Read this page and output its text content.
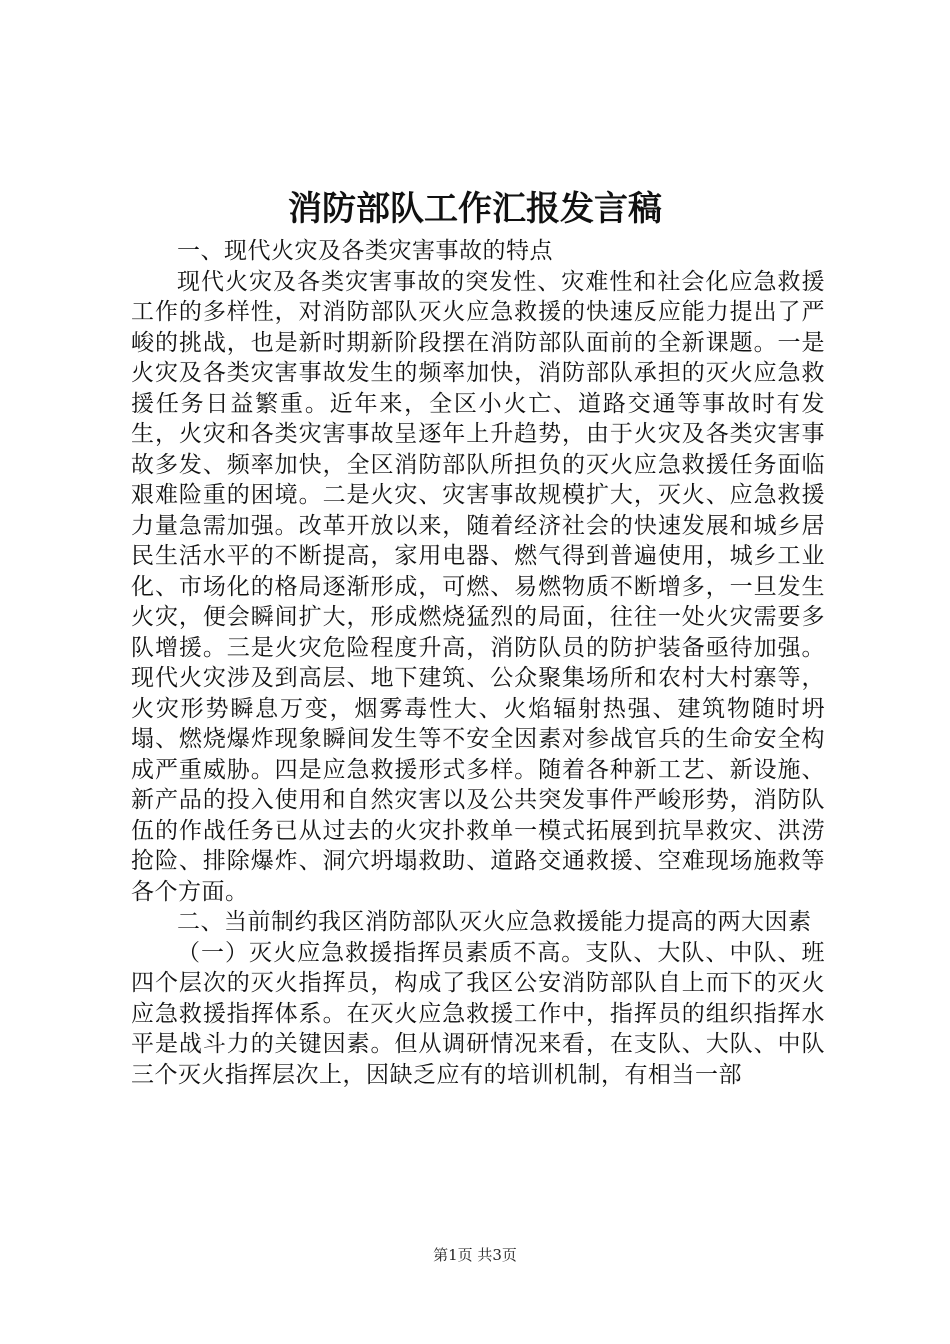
消防部队工作汇报发言稿

一、现代火灾及各类灾害事故的特点

现代火灾及各类灾害事故的突发性、灾难性和社会化应急救援工作的多样性，对消防部队灭火应急救援的快速反应能力提出了严峻的挑战，也是新时期新阶段摆在消防部队面前的全新课题。一是火灾及各类灾害事故发生的频率加快，消防部队承担的灭火应急救援任务日益繁重。近年来，全区小火亡、道路交通等事故时有发生，火灾和各类灾害事故呈逐年上升趋势，由于火灾及各类灾害事故多发、频率加快，全区消防部队所担负的灭火应急救援任务面临艰难险重的困境。二是火灾、灾害事故规模扩大，灭火、应急救援力量急需加强。改革开放以来，随着经济社会的快速发展和城乡居民生活水平的不断提高，家用电器、燃气得到普遍使用，城乡工业化、市场化的格局逐渐形成，可燃、易燃物质不断增多，一旦发生火灾，便会瞬间扩大，形成燃烧猛烈的局面，往往一处火灾需要多队增援。三是火灾危险程度升高，消防队员的防护装备亟待加强。现代火灾涉及到高层、地下建筑、公众聚集场所和农村大村寨等，火灾形势瞬息万变，烟雾毒性大、火焰辐射热强、建筑物随时坍塌、燃烧爆炸现象瞬间发生等不安全因素对参战官兵的生命安全构成严重威胁。四是应急救援形式多样。随着各种新工艺、新设施、新产品的投入使用和自然灾害以及公共突发事件严峻形势，消防队伍的作战任务已从过去的火灾扑救单一模式拓展到抗旱救灾、洪涝抢险、排除爆炸、洞穴坍塌救助、道路交通救援、空难现场施救等各个方面。

二、当前制约我区消防部队灭火应急救援能力提高的两大因素

（一）灭火应急救援指挥员素质不高。支队、大队、中队、班四个层次的灭火指挥员，构成了我区公安消防部队自上而下的灭火应急救援指挥体系。在灭火应急救援工作中，指挥员的组织指挥水平是战斗力的关键因素。但从调研情况来看，在支队、大队、中队三个灭火指挥层次上，因缺乏应有的培训机制，有相当一部

第1页 共3页
